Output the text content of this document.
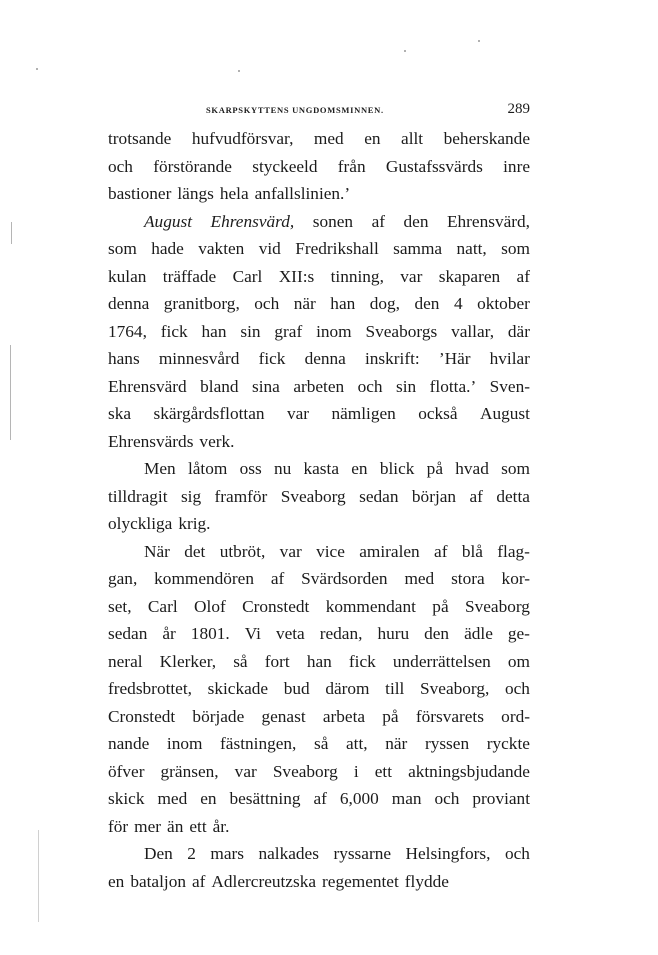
SKARPSKYTTENS UNGDOMSMINNEN.	289
trotsande hufvudförsvar, med en allt beherskande
och förstörande styckeeld från Gustafssvärds inre
bastioner längs hela anfallslinien.’
August Ehrensvärd, sonen af den Ehrensvärd,
som hade vakten vid Fredrikshall samma natt, som
kulan träffade Carl XII:s tinning, var skaparen af
denna granitborg, och när han dog, den 4 oktober
1764, fick han sin graf inom Sveaborgs vallar, där
hans minnesvård fick denna inskrift: ’Här hvilar
Ehrensvärd bland sina arbeten och sin flotta.’ Sven-
ska skärgårdsflottan var nämligen också August
Ehrensvärds verk.
Men låtom oss nu kasta en blick på hvad som
tilldragit sig framför Sveaborg sedan början af detta
olyckliga krig.
När det utbröt, var vice amiralen af blå flag-
gan, kommendören af Svärdsorden med stora kor-
set, Carl Olof Cronstedt kommendant på Sveaborg
sedan år 1801. Vi veta redan, huru den ädle ge-
neral Klerker, så fort han fick underrättelsen om
fredsbrottet, skickade bud därom till Sveaborg, och
Cronstedt började genast arbeta på försvarets ord-
nande inom fästningen, så att, när ryssen ryckte
öfver gränsen, var Sveaborg i ett aktningsbjudande
skick med en besättning af 6,000 man och proviant
för mer än ett år.
Den 2 mars nalkades ryssarne Helsingfors, och
en bataljon af Adlercreutzska regementet flydde
